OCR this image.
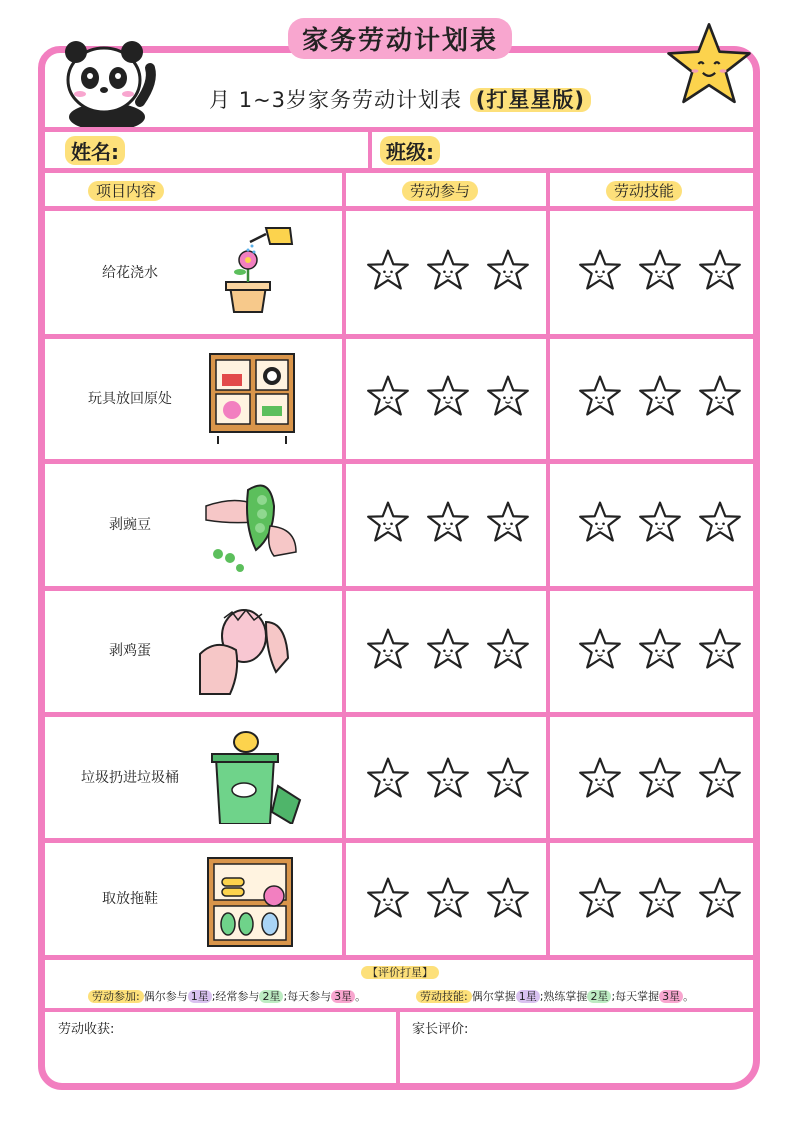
家务劳动计划表
月 1~3岁家务劳动计划表 (打星星版)
姓名:	班级:
项目内容	劳动参与	劳动技能
给花浇水
玩具放回原处
剥豌豆
剥鸡蛋
垃圾扔进垃圾桶
取放拖鞋
【评价打星】
劳动参加: 偶尔参与 1星 ;经常参与 2星 ;每天参与 3星 。	劳动技能: 偶尔掌握 1星 ;熟练掌握 2星 ;每天掌握 3星 。
劳动收获:	家长评价:
